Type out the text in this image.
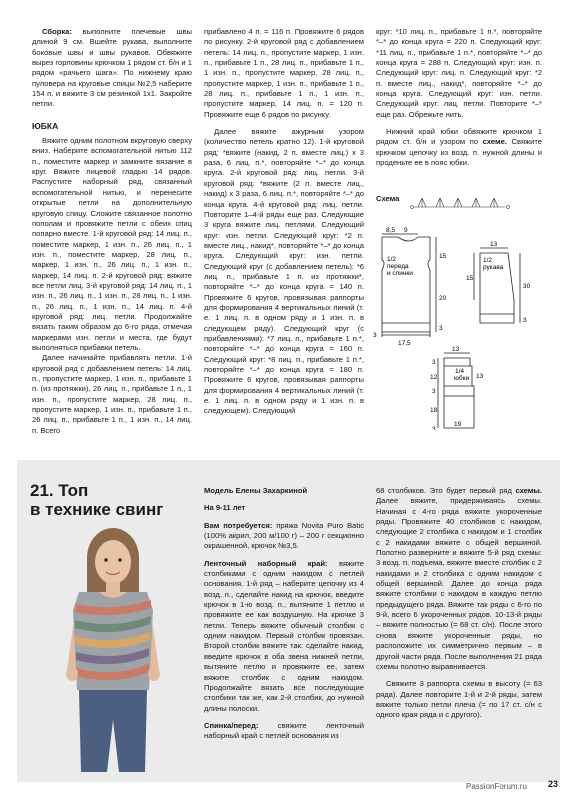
Сборка: выполните плечевые швы длиной 9 см. Вшейте рукава, выполните боковые швы и швы рукавов. Обвяжите вырез горловины крючком 1 рядом ст. б/н и 1 рядом «рачьего шага». По нижнему краю пуловера на круговые спицы №2,5 наберите 154 п. и вяжите 3 см резинкой 1х1. Закройте петли.

ЮБКА

Вяжите одним полотном вкруговую сверху вниз. Наберите вспомогательной нитью 112 п., поместите маркер и замкните вязание в круг. Вяжите лицевой гладью 14 рядов. Распустите наборный ряд, связанный вспомогательной нитью, и перенесите открытые петли на дополнительную круговую спицу. Сложите связанное полотно пополам и провяжите петли с обеих спиц попарно вместе. 1-й круговой ряд: 14 лиц. п., поместите маркер, 1 изн. п., 26 лиц. п., 1 изн. п., поместите маркер, 28 лиц. п., маркер, 1 изн. п., 26 лиц. п., 1 изн. п., маркер, 14 лиц. п. 2-й круговой ряд: вяжите все петли лиц. 3-й круговой ряд: 14 лиц. п., 1 изн. п., 26 лиц. п., 1 изн. п., 28 лиц. п., 1 изн. п., 26 лиц. п., 1 изн. п., 14 лиц. п. 4-й круговой ряд: лиц. петли. Продолжайте вязать таким образом до 6-го ряда, отмечая маркерами изн. петли и места, где будут выполняться прибавки петель.

Далее начинайте прибавлять петли. 1-й круговой ряд с добавлением петель: 14 лиц. п., пропустите маркер, 1 изн. п., прибавьте 1 п. (из протяжки), 26 лиц. п., прибавьте 1 п., 1 изн. п., пропустите маркер, 28 лиц. п., пропустите маркер, 1 изн. п., прибавьте 1 п., 26 лиц. п., прибавьте 1 п., 1 изн. п., 14 лиц. п. Всего

прибавлено 4 п. = 116 п. Провяжите 6 рядов по рисунку. 2-й круговой ряд с добавлением петель: 14 лиц. п., пропустите маркер, 1 изн. п., прибавьте 1 п., 28 лиц. п., прибавьте 1 п., 1 изн. п., пропустите маркер, 28 лиц. п., пропустите маркер, 1 изн. п., прибавьте 1 п., 28 лиц. п., прибавьте 1 п., 1 изн. п., пропустите маркер, 14 лиц. п. = 120 п. Провяжите еще 6 рядов по рисунку.

Далее вяжите ажурным узором (количество петель кратно 12). 1-й круговой ряд: *вяжите (накид, 2 п. вместе лиц.) х 3 раза, 6 лиц. п.*, повторяйте *–* до конца круга. 2-й круговой ряд: лиц. петли. 3-й круговой ряд: *вяжите (2 п. вместе лиц., накид) х 3 раза, 6 лиц. п.*, повторяйте *–* до конца круга. 4-й круговой ряд: лиц. петли. Повторите 1–4-й ряды еще раз. Следующие 3 круга вяжите лиц. петлями. Следующий круг: изн. петли. Следующий круг: *2 п. вместе лиц., накид*, повторяйте *–* до конца круга. Следующий круг: изн. петли. Следующий круг (с добавлением петель): *6 лиц. п., прибавьте 1 п. из протяжки*, повторяйте *–* до конца круга = 140 п. Провяжите 6 кругов, провязывая раппорты для формирования 4 вертикальных линий (т. е. 1 лиц. п. в одном ряду и 1 изн. п. в следующем ряду). Следующий круг (с прибавлениями): *7 лиц. п., прибавьте 1 п.*, повторяйте *–* до конца круга = 160 п. Следующий круг: *8 лиц. п., прибавьте 1 п.*, повторяйте *–* до конца круга = 180 п. Провяжите 6 кругов, провязывая раппорты для формирования 4 вертикальных линий (т. е. 1 лиц. п. в одном ряду и 1 изн. п. в следующем). Следующий

круг: *10 лиц. п., прибавьте 1 п.*, повторяйте *–* до конца круга = 220 п. Следующий круг: *11 лиц. п., прибавьте 1 п.*, повторяйте *–* до конца круга = 288 п. Следующий круг: изн. п. Следующий круг: лиц. п. Следующий круг: *2 п. вместе лиц., накид*, повторяйте *–* до конца круга. Следующий круг: изн. петли. Следующий круг: лиц. петли. Повторите *–* еще раз. Обрежьте нить.

Нижний край юбки обвяжите крючком 1 рядом ст. б/н и узором по схеме. Свяжите крючком цепочку из возд. п. нужной длины и проденьте ее в пояс юбки.

Схема
8,5 9
15
20
3
17,5
3
1/2
переда
и спинки
13
1/2
рукава
30
3
15
13
3
12	13
3
18
3
19
1/4
юбки
21. Топ
в технике свинг

Модель Елены Захаркиной

На 9-11 лет

Вам потребуется: пряжа Novita Puro Batic (100% акрил, 200 м/100 г) – 200 г секционно окрашенной, крючок №3,5.

Ленточный наборный край: вяжите столбиками с одним накидом с петлей основания. 1-й ряд – наберите цепочку из 4 возд. п., сделайте накид на крючок, введите крючок в 1-ю возд. п., вытяните 1 петлю и провяжите ее как воздушную. На крючке 3 петли. Теперь вяжите обычный столбик с одним накидом. Первый столбик провязан. Второй столбик вяжите так: сделайте накид, введите крючок в оба звена нижней петли, вытяните петлю и провяжите ее, затем вяжите столбик с одним накидом. Продолжайте вязать все последующие столбики так же, как 2-й столбик, до нужной длины полоски.

Спинка/перед: свяжите ленточный наборный край с петлей основания из

68 столбиков. Это будет первый ряд схемы. Далее вяжите, придерживаясь схемы. Начиная с 4-го ряда вяжите укороченные ряды. Провяжите 40 столбиков с накидом, следующие 2 столбика с накидом и 1 столбик с 2 накидами вяжите с общей вершиной. Полотно разверните и вяжите 5-й ряд схемы: 3 возд. п. подъема, вяжите вместе столбик с 2 накидами и 2 столбика с одним накидом с общей вершиной. Далее до конца ряда вяжите столбики с накидом в каждую петлю предыдущего ряда. Вяжите так ряды с 6-го по 9-й, всего 6 укороченных рядов. 10-13-й ряды – вяжите полностью (= 68 ст. с/н). После этого снова вяжите укороченные ряды, но расположите их симметрично первым – в другой части ряда. После выполнения 21 ряда схемы полотно выравнивается.

Свяжите 3 раппорта схемы в высоту (= 63 ряда). Далее повторите 1-й и 2-й ряды, затем вяжите только петли плеча (= по 17 ст. с/н с одного края ряда и с другого).

PassionForum.ru 23
